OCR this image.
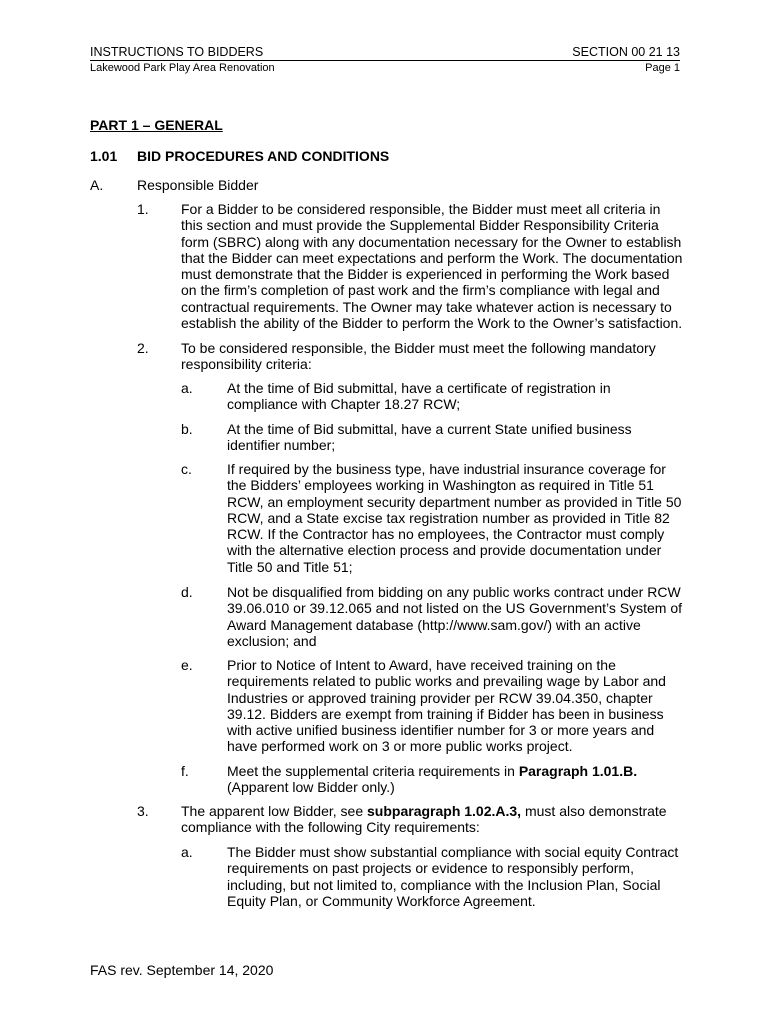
INSTRUCTIONS TO BIDDERS	SECTION 00 21 13
Lakewood Park Play Area Renovation	Page 1
PART 1 – GENERAL
1.01 BID PROCEDURES AND CONDITIONS
A. Responsible Bidder
1. For a Bidder to be considered responsible, the Bidder must meet all criteria in
this section and must provide the Supplemental Bidder Responsibility Criteria
form (SBRC) along with any documentation necessary for the Owner to establish
that the Bidder can meet expectations and perform the Work. The documentation
must demonstrate that the Bidder is experienced in performing the Work based
on the firm’s completion of past work and the firm’s compliance with legal and
contractual requirements. The Owner may take whatever action is necessary to
establish the ability of the Bidder to perform the Work to the Owner’s satisfaction.
2. To be considered responsible, the Bidder must meet the following mandatory
responsibility criteria:
a. At the time of Bid submittal, have a certificate of registration in
compliance with Chapter 18.27 RCW;
b. At the time of Bid submittal, have a current State unified business
identifier number;
c.	If required by the business type, have industrial insurance coverage for
the Bidders’ employees working in Washington as required in Title 51
RCW, an employment security department number as provided in Title 50
RCW, and a State excise tax registration number as provided in Title 82
RCW. If the Contractor has no employees, the Contractor must comply
with the alternative election process and provide documentation under
Title 50 and Title 51;
d. Not be disqualified from bidding on any public works contract under RCW
39.06.010 or 39.12.065 and not listed on the US Government’s System of
Award Management database (http://www.sam.gov/) with an active
exclusion; and
e. Prior to Notice of Intent to Award, have received training on the
requirements related to public works and prevailing wage by Labor and
Industries or approved training provider per RCW 39.04.350, chapter
39.12. Bidders are exempt from training if Bidder has been in business
with active unified business identifier number for 3 or more years and
have performed work on 3 or more public works project.
f.	Meet the supplemental criteria requirements in Paragraph 1.01.B.
(Apparent low Bidder only.)
3. The apparent low Bidder, see subparagraph 1.02.A.3, must also demonstrate
compliance with the following City requirements:
a. The Bidder must show substantial compliance with social equity Contract
requirements on past projects or evidence to responsibly perform,
including, but not limited to, compliance with the Inclusion Plan, Social
Equity Plan, or Community Workforce Agreement.
FAS rev. September 14, 2020
